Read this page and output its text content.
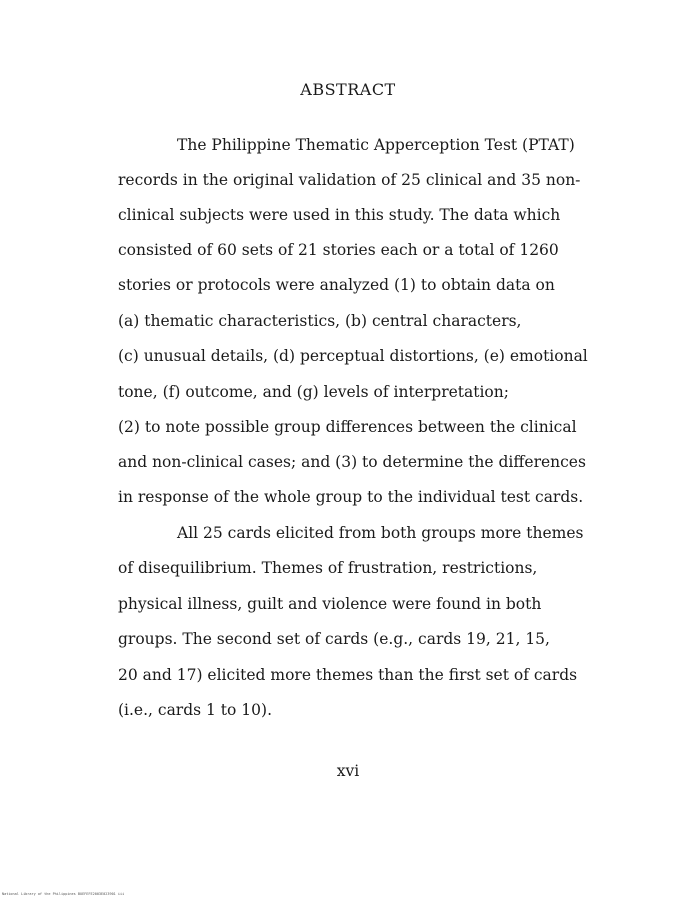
ABSTRACT
The Philippine Thematic Apperception Test (PTAT)
records in the original validation of 25 clinical and 35 non-
clinical subjects were used in this study. The data which
consisted of 60 sets of 21 stories each or a total of 1260
stories or protocols were analyzed (1) to obtain data on
(a) thematic characteristics, (b) central characters,
(c) unusual details, (d) perceptual distortions, (e) emotional
tone, (f) outcome, and (g) levels of interpretation;
(2) to note possible group differences between the clinical
and non-clinical cases; and (3) to determine the differences
in response of the whole group to the individual test cards.
All 25 cards elicited from both groups more themes
of disequilibrium. Themes of frustration, restrictions,
physical illness, guilt and violence were found in both
groups. The second set of cards (e.g., cards 19, 21, 15,
20 and 17) elicited more themes than the first set of cards
(i.e., cards 1 to 10).
xvi
National Library of the Philippines BUEFEFE2003E023901 iii
